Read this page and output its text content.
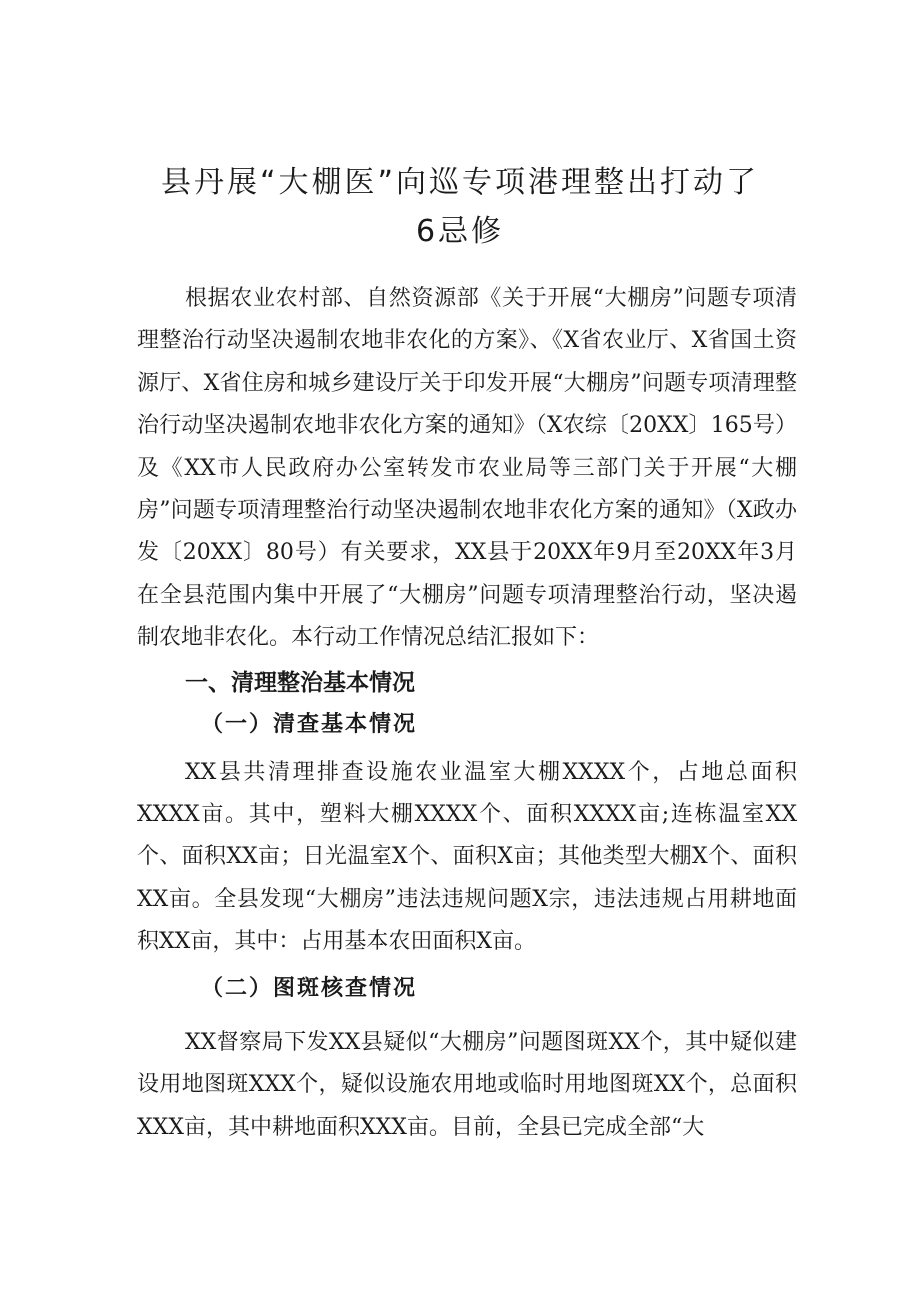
县丹展“大棚医”向巡专项港理整出打动了
6忌修

根据农业农村部、自然资源部《关于开展“大棚房”问题专项清理整治行动坚决遏制农地非农化的方案》、《X省农业厅、X省国土资源厅、X省住房和城乡建设厅关于印发开展“大棚房”问题专项清理整治行动坚决遏制农地非农化方案的通知》（X农综〔20XX〕165号）及《XX市人民政府办公室转发市农业局等三部门关于开展“大棚房”问题专项清理整治行动坚决遏制农地非农化方案的通知》（X政办发〔20XX〕80号）有关要求，XX县于20XX年9月至20XX年3月在全县范围内集中开展了“大棚房”问题专项清理整治行动，坚决遏制农地非农化。本行动工作情况总结汇报如下：

一、清理整治基本情况
（一）清查基本情况

XX县共清理排查设施农业温室大棚XXXX个，占地总面积XXXX亩。其中，塑料大棚XXXX个、面积XXXX亩;连栋温室XX个、面积XX亩；日光温室X个、面积X亩；其他类型大棚X个、面积XX亩。全县发现“大棚房”违法违规问题X宗，违法违规占用耕地面积XX亩，其中：占用基本农田面积X亩。

（二）图斑核查情况

XX督察局下发XX县疑似“大棚房”问题图斑XX个，其中疑似建设用地图斑XXX个，疑似设施农用地或临时用地图斑XX个，总面积XXX亩，其中耕地面积XXX亩。目前，全县已完成全部“大
